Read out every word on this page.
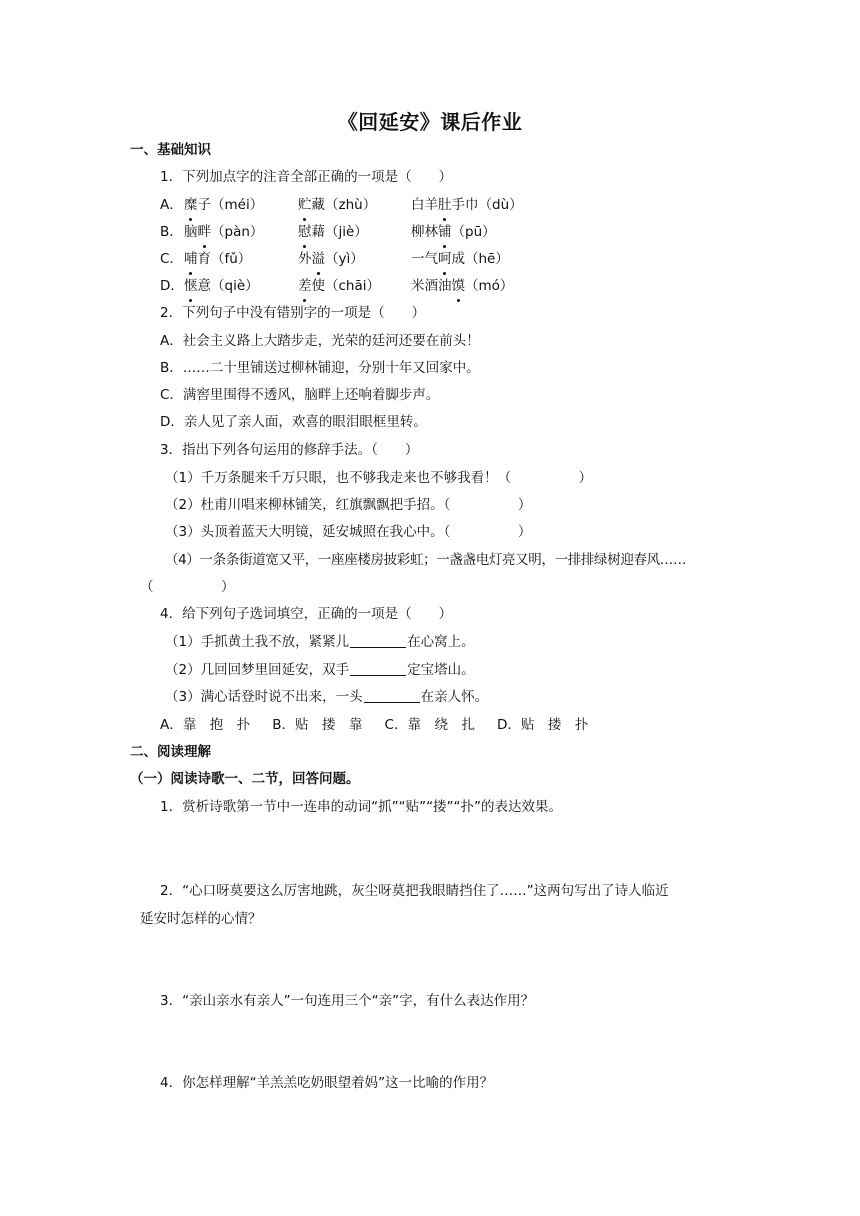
《回延安》课后作业
一、基础知识
1．下列加点字的注音全部正确的一项是（　　）
A． 糜子（méi）	贮藏（zhù）	白羊肚手巾（dù）
B． 脑畔（pàn）	慰藉（jiè）	柳林铺（pū）
C． 哺育（fǔ）	外溢（yì）	一气呵成（hē）
D． 惬意（qiè）	差使（chāi） 米酒油馍（mó）
2．下列句子中没有错别字的一项是（　　）
A．社会主义路上大踏步走，光荣的廷河还要在前头！
B．……二十里铺送过柳林铺迎，分别十年又回家中。
C．满窖里围得不透风，脑畔上还响着脚步声。
D．亲人见了亲人面，欢喜的眼泪眼框里转。
3．指出下列各句运用的修辞手法。（　　）
（1）千万条腿来千万只眼，也不够我走来也不够我看！（　　　　　）
（2）杜甫川唱来柳林铺笑，红旗飘飘把手招。（　　　　　）
（3）头顶着蓝天大明镜，延安城照在我心中。（　　　　　）
（4）一条条街道宽又平，一座座楼房披彩虹；一盏盏电灯亮又明，一排排绿树迎春风……
（　　　　　）
4．给下列句子选词填空，正确的一项是（　　）
（1）手抓黄土我不放，紧紧儿	在心窝上。
（2）几回回梦里回延安，双手	定宝塔山。
（3）满心话登时说不出来，一头	在亲人怀。
A．靠　抱　扑 B．贴　搂　靠 C．靠　绕　扎 D．贴　搂　扑
二、阅读理解
（一）阅读诗歌一、二节，回答问题。
1．赏析诗歌第一节中一连串的动词“抓”“贴”“搂”“扑”的表达效果。
2．“心口呀莫要这么厉害地跳，灰尘呀莫把我眼睛挡住了……”这两句写出了诗人临近
延安时怎样的心情？
3．“亲山亲水有亲人”一句连用三个“亲”字，有什么表达作用？
4．你怎样理解“羊羔羔吃奶眼望着妈”这一比喻的作用？
